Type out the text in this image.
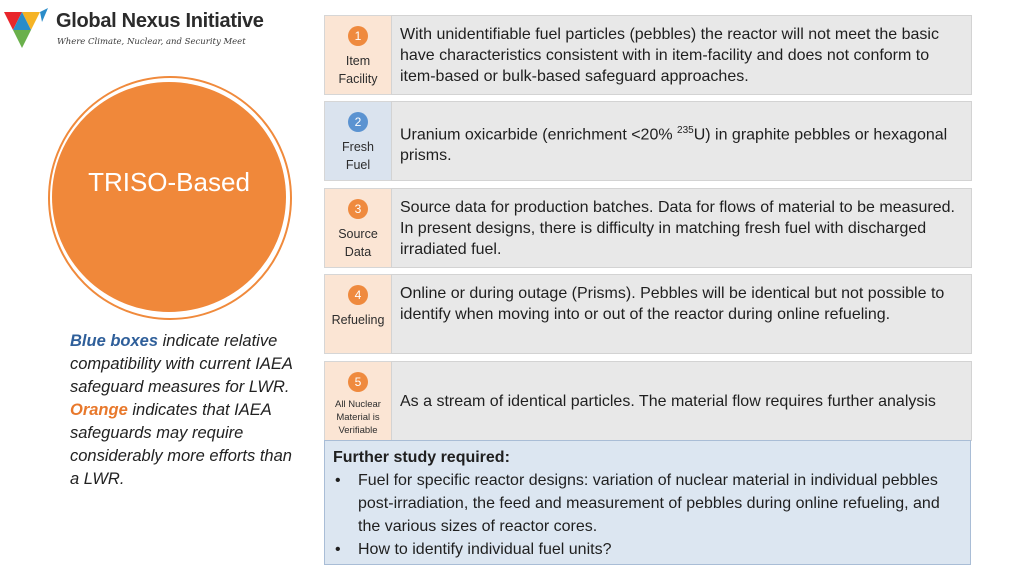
Global Nexus Initiative
Where Climate, Nuclear, and Security Meet
TRISO-Based
Blue boxes indicate relative compatibility with current IAEA safeguard measures for LWR.
Orange indicates that IAEA safeguards may require considerably more efforts than a LWR.
1
Item Facility
With unidentifiable fuel particles (pebbles) the reactor will not meet the basic have characteristics consistent with in item-facility and does not conform to item-based or bulk-based safeguard approaches.
2
Fresh Fuel
Uranium oxicarbide (enrichment <20% $^{235}$U) in graphite pebbles or hexagonal prisms.
3
Source Data
Source data for production batches. Data for flows of material to be measured. In present designs, there is difficulty in matching fresh fuel with discharged irradiated fuel.
4
Refueling
Online or during outage (Prisms). Pebbles will be identical but not possible to identify when moving into or out of the reactor during online refueling.
5
All Nuclear Material is Verifiable
As a stream of identical particles. The material flow requires further analysis
Further study required:
• Fuel for specific reactor designs: variation of nuclear material in individual pebbles post-irradiation, the feed and measurement of pebbles during online refueling, and the various sizes of reactor cores.
• How to identify individual fuel units?
